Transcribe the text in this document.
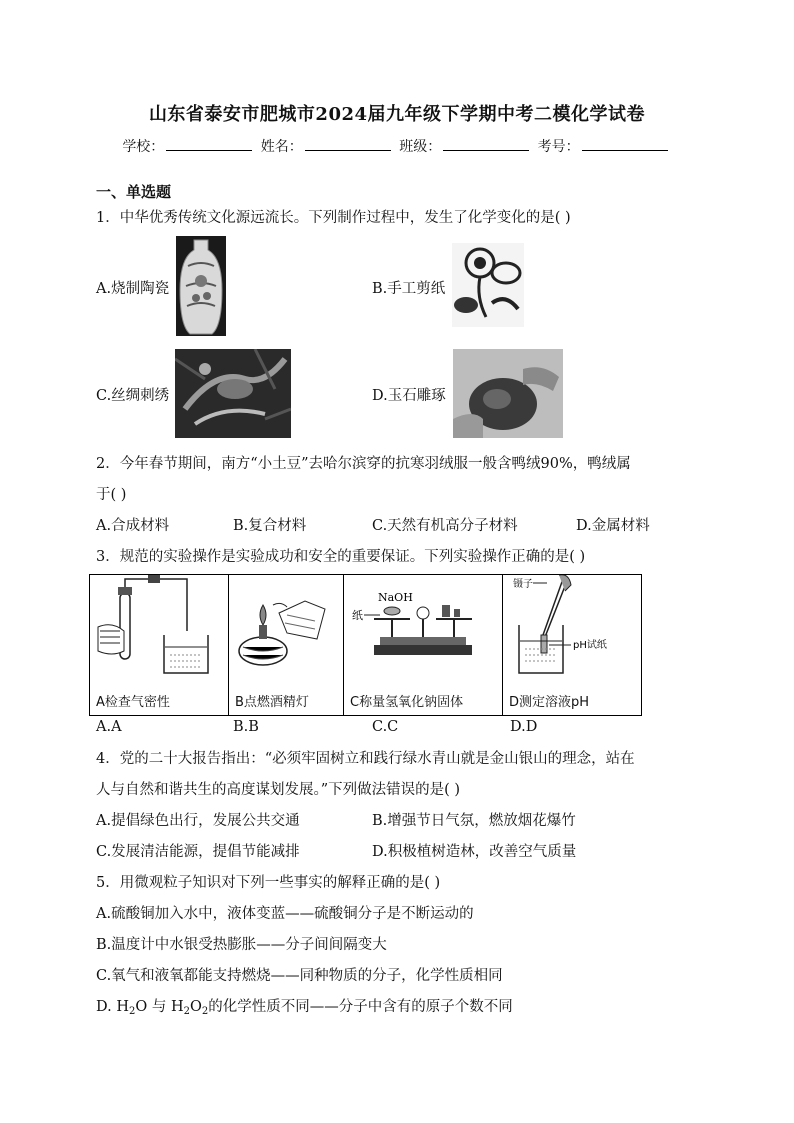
山东省泰安市肥城市2024届九年级下学期中考二模化学试卷
学校：	姓名：	班级：	考号：
一、单选题
1．中华优秀传统文化源远流长。下列制作过程中，发生了化学变化的是( )
A.烧制陶瓷	B.手工剪纸
C.丝绸刺绣	D.玉石雕琢
2．今年春节期间，南方“小土豆”去哈尔滨穿的抗寒羽绒服一般含鸭绒90%，鸭绒属
于( )
A.合成材料	B.复合材料	C.天然有机高分子材料	D.金属材料
3．规范的实验操作是实验成功和安全的重要保证。下列实验操作正确的是( )
A检查气密性	B点燃酒精灯

NaOH
纸
C称量氢氧化钠固体

镊子
pH试纸
D测定溶液pH
A.A	B.B	C.C	D.D
4．党的二十大报告指出：“必须牢固树立和践行绿水青山就是金山银山的理念，站在
人与自然和谐共生的高度谋划发展。”下列做法错误的是( )
A.提倡绿色出行，发展公共交通	B.增强节日气氛，燃放烟花爆竹
C.发展清洁能源，提倡节能减排	D.积极植树造林，改善空气质量
5．用微观粒子知识对下列一些事实的解释正确的是( )
A.硫酸铜加入水中，液体变蓝——硫酸铜分子是不断运动的
B.温度计中水银受热膨胀——分子间间隔变大
C.氧气和液氧都能支持燃烧——同种物质的分子，化学性质相同
D. $H_2O$ 与 $H_2O_2$的化学性质不同——分子中含有的原子个数不同
